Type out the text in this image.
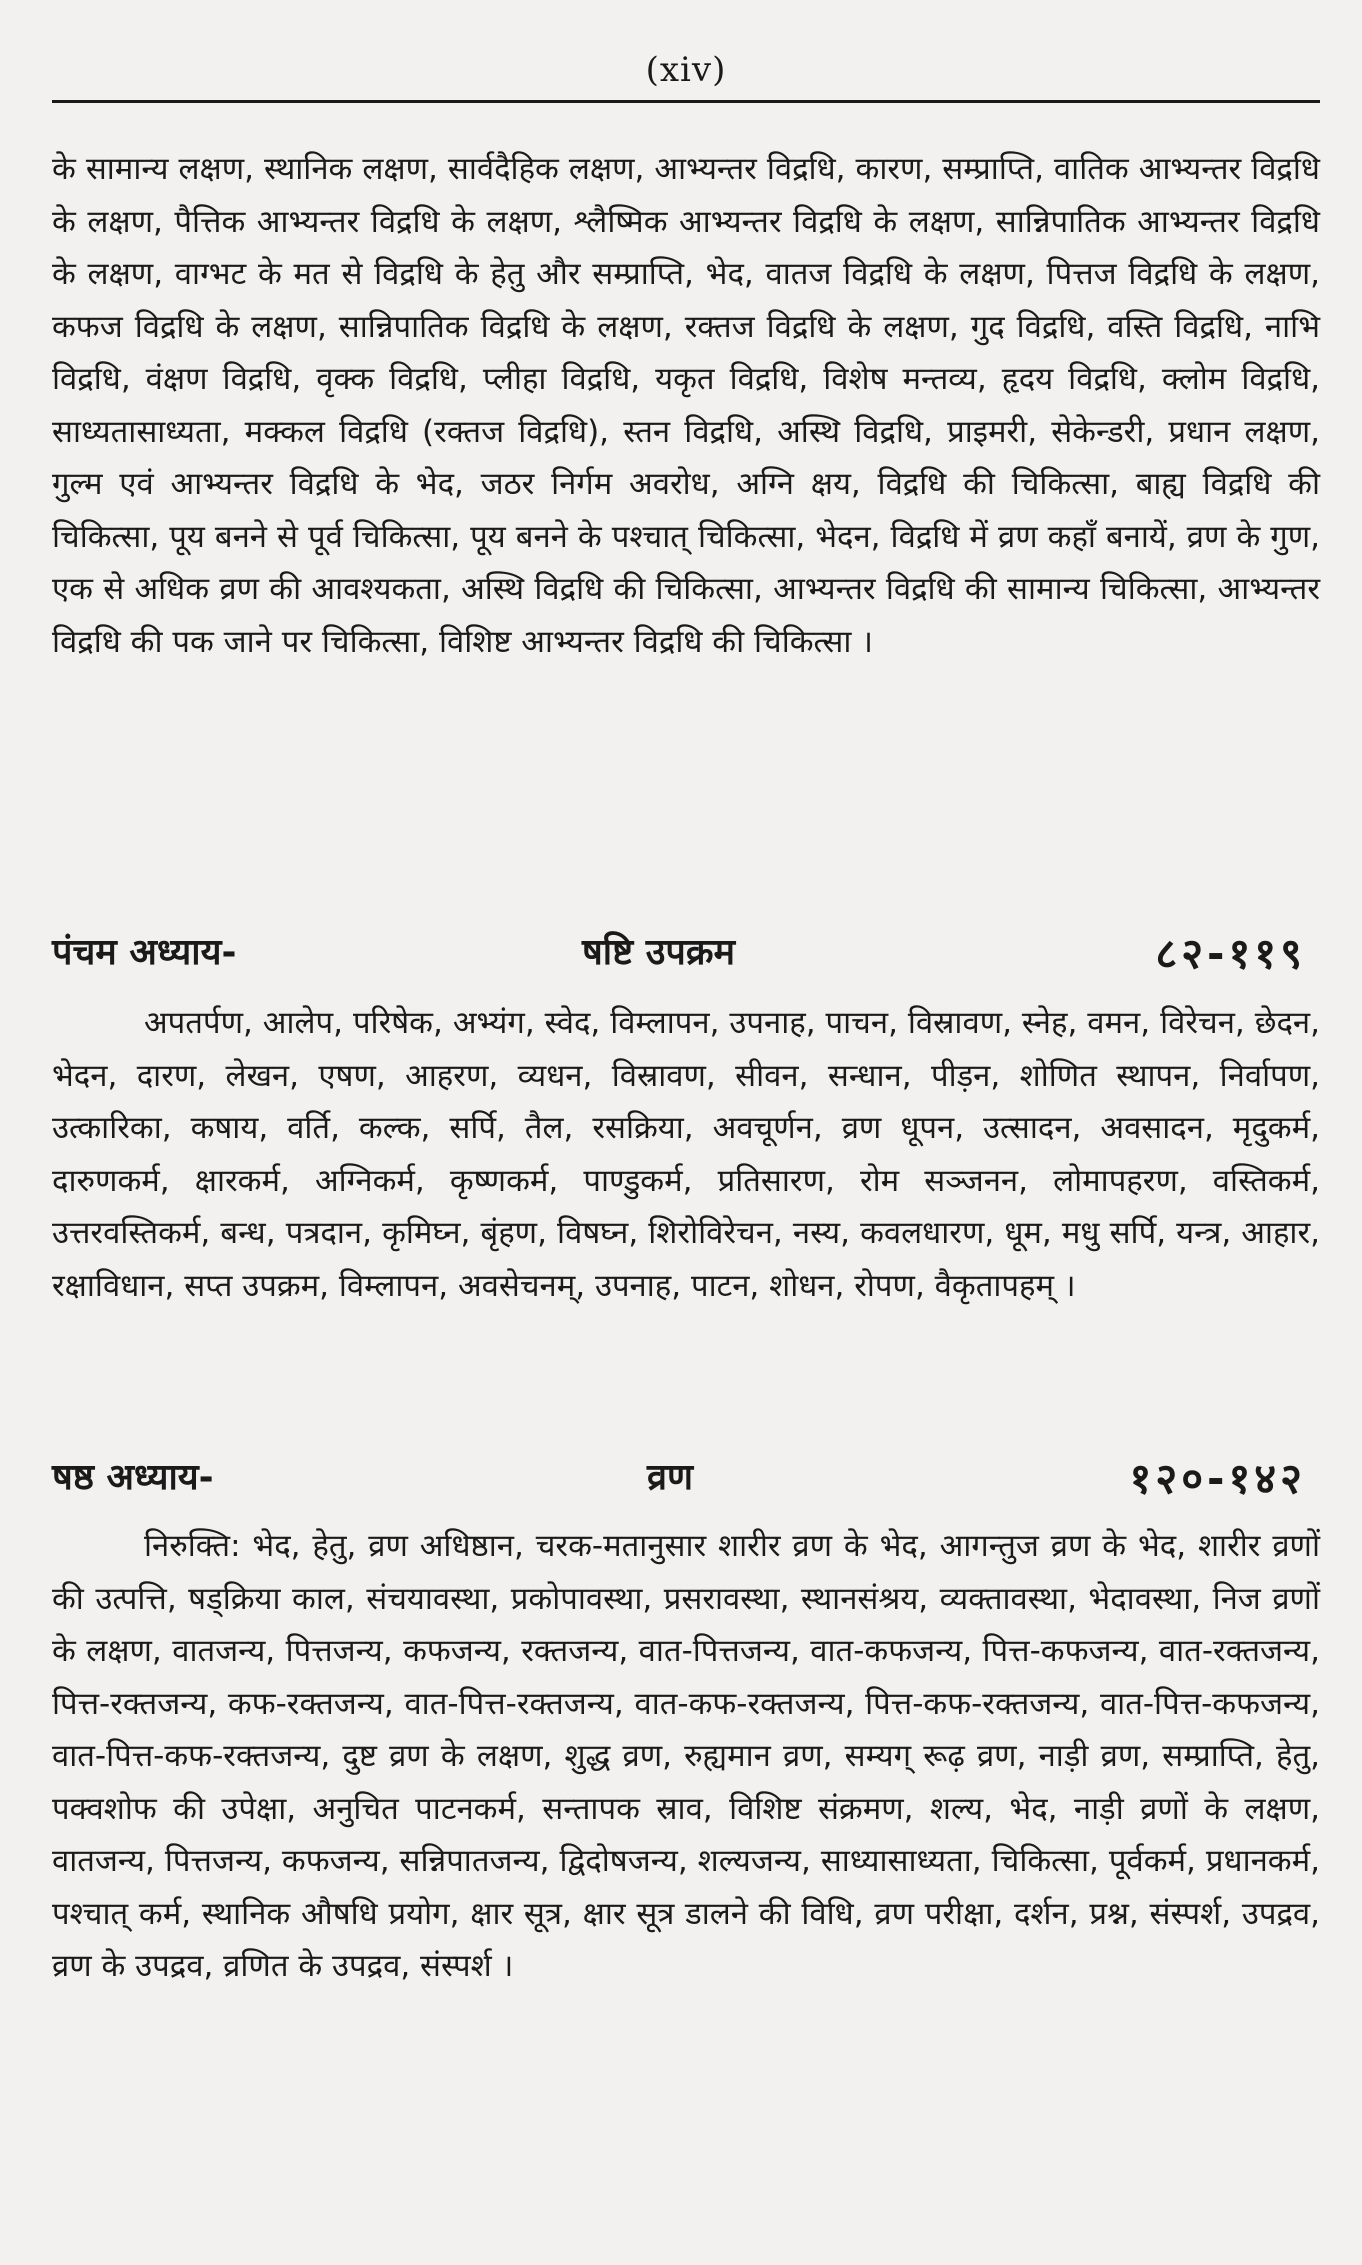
(xiv)
के सामान्य लक्षण, स्थानिक लक्षण, सार्वदैहिक लक्षण, आभ्यन्तर विद्रधि, कारण, सम्प्राप्ति, वातिक आभ्यन्तर विद्रधि के लक्षण, पैत्तिक आभ्यन्तर विद्रधि के लक्षण, श्लैष्मिक आभ्यन्तर विद्रधि के लक्षण, सान्निपातिक आभ्यन्तर विद्रधि के लक्षण, वाग्भट के मत से विद्रधि के हेतु और सम्प्राप्ति, भेद, वातज विद्रधि के लक्षण, पित्तज विद्रधि के लक्षण, कफज विद्रधि के लक्षण, सान्निपातिक विद्रधि के लक्षण, रक्तज विद्रधि के लक्षण, गुद विद्रधि, वस्ति विद्रधि, नाभि विद्रधि, वंक्षण विद्रधि, वृक्क विद्रधि, प्लीहा विद्रधि, यकृत विद्रधि, विशेष मन्तव्य, हृदय विद्रधि, क्लोम विद्रधि, साध्यतासाध्यता, मक्कल विद्रधि (रक्तज विद्रधि), स्तन विद्रधि, अस्थि विद्रधि, प्राइमरी, सेकेन्डरी, प्रधान लक्षण, गुल्म एवं आभ्यन्तर विद्रधि के भेद, जठर निर्गम अवरोध, अग्नि क्षय, विद्रधि की चिकित्सा, बाह्य विद्रधि की चिकित्सा, पूय बनने से पूर्व चिकित्सा, पूय बनने के पश्चात् चिकित्सा, भेदन, विद्रधि में व्रण कहाँ बनायें, व्रण के गुण, एक से अधिक व्रण की आवश्यकता, अस्थि विद्रधि की चिकित्सा, आभ्यन्तर विद्रधि की सामान्य चिकित्सा, आभ्यन्तर विद्रधि की पक जाने पर चिकित्सा, विशिष्ट आभ्यन्तर विद्रधि की चिकित्सा ।
पंचम अध्याय-	षष्टि उपक्रम	८२-११९
अपतर्पण, आलेप, परिषेक, अभ्यंग, स्वेद, विम्लापन, उपनाह, पाचन, विस्रावण, स्नेह, वमन, विरेचन, छेदन, भेदन, दारण, लेखन, एषण, आहरण, व्यधन, विस्रावण, सीवन, सन्धान, पीड़न, शोणित स्थापन, निर्वापण, उत्कारिका, कषाय, वर्ति, कल्क, सर्पि, तैल, रसक्रिया, अवचूर्णन, व्रण धूपन, उत्सादन, अवसादन, मृदुकर्म, दारुणकर्म, क्षारकर्म, अग्निकर्म, कृष्णकर्म, पाण्डुकर्म, प्रतिसारण, रोम सञ्जनन, लोमापहरण, वस्तिकर्म, उत्तरवस्तिकर्म, बन्ध, पत्रदान, कृमिघ्न, बृंहण, विषघ्न, शिरोविरेचन, नस्य, कवलधारण, धूम, मधु सर्पि, यन्त्र, आहार, रक्षाविधान, सप्त उपक्रम, विम्लापन, अवसेचनम्, उपनाह, पाटन, शोधन, रोपण, वैकृतापहम् ।
षष्ठ अध्याय-	व्रण	१२०-१४२
निरुक्ति: भेद, हेतु, व्रण अधिष्ठान, चरक-मतानुसार शारीर व्रण के भेद, आगन्तुज व्रण के भेद, शारीर व्रणों की उत्पत्ति, षड्क्रिया काल, संचयावस्था, प्रकोपावस्था, प्रसरावस्था, स्थानसंश्रय, व्यक्तावस्था, भेदावस्था, निज व्रणों के लक्षण, वातजन्य, पित्तजन्य, कफजन्य, रक्तजन्य, वात-पित्तजन्य, वात-कफजन्य, पित्त-कफजन्य, वात-रक्तजन्य, पित्त-रक्तजन्य, कफ-रक्तजन्य, वात-पित्त-रक्तजन्य, वात-कफ-रक्तजन्य, पित्त-कफ-रक्तजन्य, वात-पित्त-कफजन्य, वात-पित्त-कफ-रक्तजन्य, दुष्ट व्रण के लक्षण, शुद्ध व्रण, रुह्यमान व्रण, सम्यग् रूढ़ व्रण, नाड़ी व्रण, सम्प्राप्ति, हेतु, पक्वशोफ की उपेक्षा, अनुचित पाटनकर्म, सन्तापक स्राव, विशिष्ट संक्रमण, शल्य, भेद, नाड़ी व्रणों के लक्षण, वातजन्य, पित्तजन्य, कफजन्य, सन्निपातजन्य, द्विदोषजन्य, शल्यजन्य, साध्यासाध्यता, चिकित्सा, पूर्वकर्म, प्रधानकर्म, पश्चात् कर्म, स्थानिक औषधि प्रयोग, क्षार सूत्र, क्षार सूत्र डालने की विधि, व्रण परीक्षा, दर्शन, प्रश्न, संस्पर्श, उपद्रव, व्रण के उपद्रव, व्रणित के उपद्रव, संस्पर्श ।
